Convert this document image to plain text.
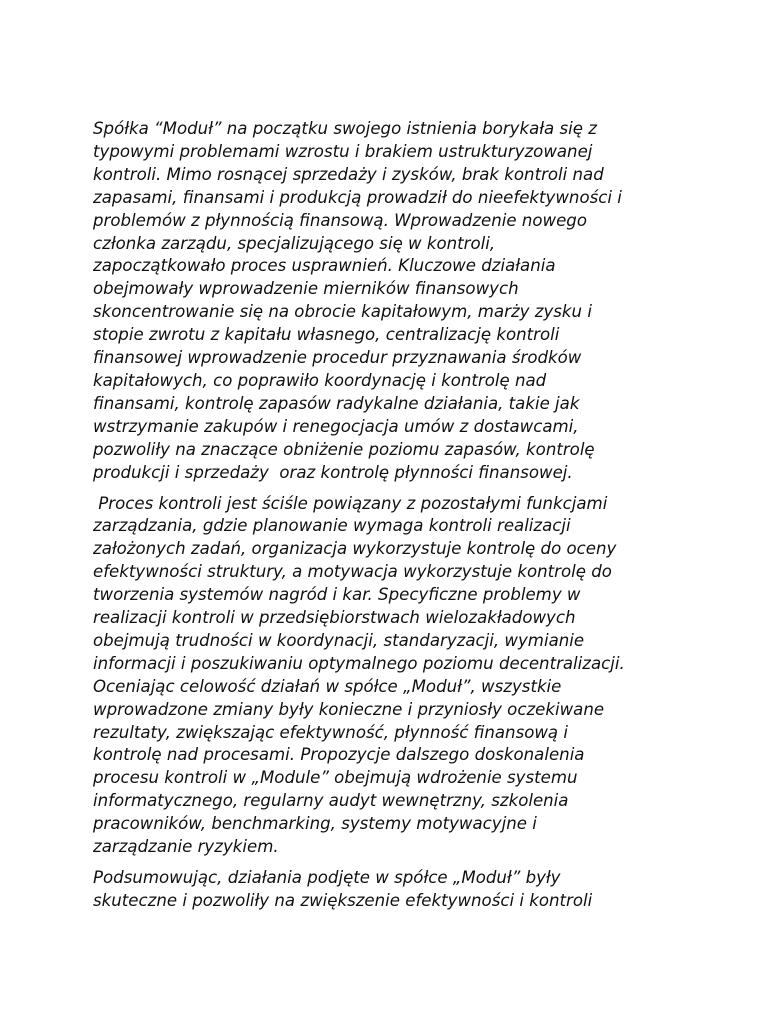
Spółka “Moduł” na początku swojego istnienia borykała się z
typowymi problemami wzrostu i brakiem ustrukturyzowanej
kontroli. Mimo rosnącej sprzedaży i zysków, brak kontroli nad
zapasami, finansami i produkcją prowadził do nieefektywności i
problemów z płynnością finansową. Wprowadzenie nowego
członka zarządu, specjalizującego się w kontroli,
zapoczątkowało proces usprawnień. Kluczowe działania
obejmowały wprowadzenie mierników finansowych
skoncentrowanie się na obrocie kapitałowym, marży zysku i
stopie zwrotu z kapitału własnego, centralizację kontroli
finansowej wprowadzenie procedur przyznawania środków
kapitałowych, co poprawiło koordynację i kontrolę nad
finansami, kontrolę zapasów radykalne działania, takie jak
wstrzymanie zakupów i renegocjacja umów z dostawcami,
pozwoliły na znaczące obniżenie poziomu zapasów, kontrolę
produkcji i sprzedaży  oraz kontrolę płynności finansowej.

Proces kontroli jest ściśle powiązany z pozostałymi funkcjami
zarządzania, gdzie planowanie wymaga kontroli realizacji
założonych zadań, organizacja wykorzystuje kontrolę do oceny
efektywności struktury, a motywacja wykorzystuje kontrolę do
tworzenia systemów nagród i kar. Specyficzne problemy w
realizacji kontroli w przedsiębiorstwach wielozakładowych
obejmują trudności w koordynacji, standaryzacji, wymianie
informacji i poszukiwaniu optymalnego poziomu decentralizacji.
Oceniając celowość działań w spółce „Moduł”, wszystkie
wprowadzone zmiany były konieczne i przyniosły oczekiwane
rezultaty, zwiększając efektywność, płynność finansową i
kontrolę nad procesami. Propozycje dalszego doskonalenia
procesu kontroli w „Module” obejmują wdrożenie systemu
informatycznego, regularny audyt wewnętrzny, szkolenia
pracowników, benchmarking, systemy motywacyjne i
zarządzanie ryzykiem.

Podsumowując, działania podjęte w spółce „Moduł” były
skuteczne i pozwoliły na zwiększenie efektywności i kontroli
